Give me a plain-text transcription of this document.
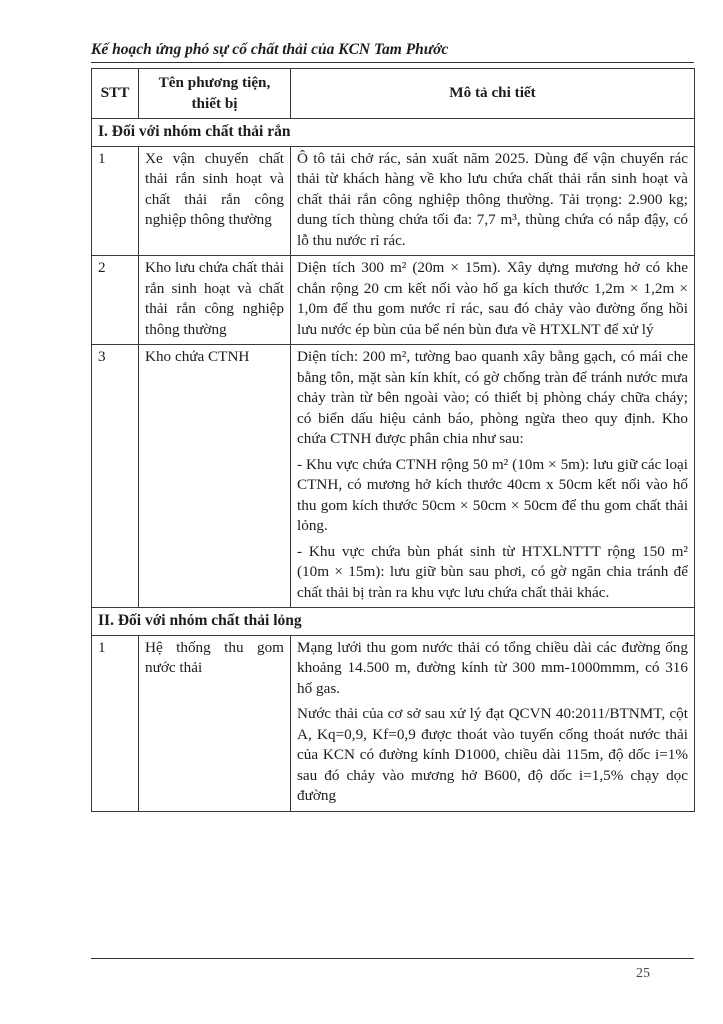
Kế hoạch ứng phó sự cố chất thải của KCN Tam Phước
STT	Tên phương tiện, thiết bị	Mô tả chi tiết
I. Đối với nhóm chất thải rắn		
1	Xe vận chuyển chất thải rắn sinh hoạt và chất thải rắn công nghiệp thông thường	Ô tô tải chở rác, sản xuất năm 2025. Dùng để vận chuyển rác thải từ khách hàng về kho lưu chứa chất thải rắn sinh hoạt và chất thải rắn công nghiệp thông thường. Tải trọng: 2.900 kg; dung tích thùng chứa tối đa: 7,7 m³, thùng chứa có nắp đậy, có lỗ thu nước rỉ rác.

2	Kho lưu chứa chất thải rắn sinh hoạt và chất thải rắn công nghiệp thông thường	Diện tích 300 m² (20m × 15m). Xây dựng mương hở có khe chắn rộng 20 cm kết nối vào hố ga kích thước 1,2m × 1,2m × 1,0m để thu gom nước rỉ rác, sau đó chảy vào đường ống hồi lưu nước ép bùn của bể nén bùn đưa về HTXLNT để xử lý

3	Kho chứa CTNH	Diện tích: 200 m², tường bao quanh xây bằng gạch, có mái che bằng tôn, mặt sàn kín khít, có gờ chống tràn để tránh nước mưa chảy tràn từ bên ngoài vào; có thiết bị phòng cháy chữa cháy; có biển dấu hiệu cảnh báo, phòng ngừa theo quy định. Kho chứa CTNH được phân chia như sau:

- Khu vực chứa CTNH rộng 50 m² (10m × 5m): lưu giữ các loại CTNH, có mương hở kích thước 40cm x 50cm kết nối vào hố thu gom kích thước 50cm × 50cm × 50cm để thu gom chất thải lỏng.

- Khu vực chứa bùn phát sinh từ HTXLNTTT rộng 150 m² (10m × 15m): lưu giữ bùn sau phơi, có gờ ngăn chia tránh để chất thải bị tràn ra khu vực lưu chứa chất thải khác.

II. Đối với nhóm chất thải lỏng		
1	Hệ thống thu gom nước thải	Mạng lưới thu gom nước thải có tổng chiều dài các đường ống khoảng 14.500 m, đường kính từ 300 mm-1000mmm, có 316 hố gas.

Nước thải của cơ sở sau xử lý đạt QCVN 40:2011/BTNMT, cột A, Kq=0,9, Kf=0,9 được thoát vào tuyến cống thoát nước thải của KCN có đường kính D1000, chiều dài 115m, độ dốc i=1% sau đó chảy vào mương hở B600, độ dốc i=1,5% chạy dọc đường

25
